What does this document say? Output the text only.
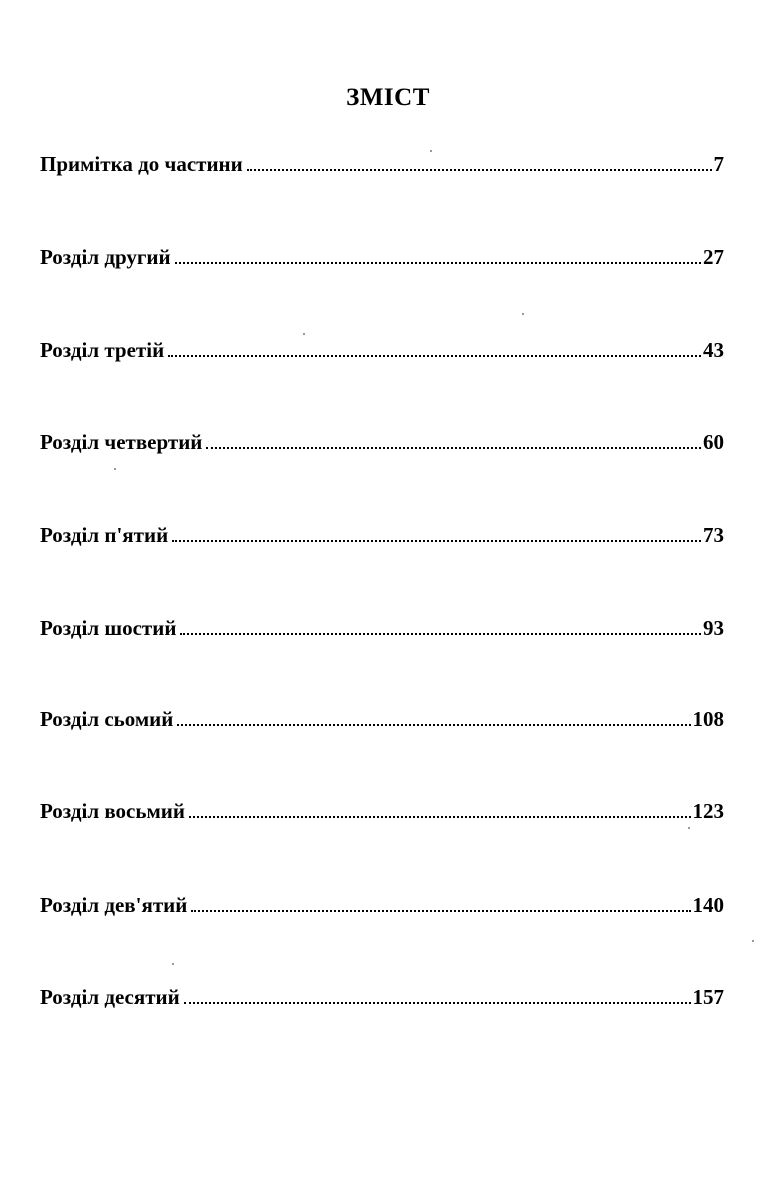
ЗМІСТ
Примітка до частини	7
Розділ другий	27
Розділ третій	43
Розділ четвертий	60
Розділ п'ятий	73
Розділ шостий	93
Розділ сьомий	108
Розділ восьмий	123
Розділ дев'ятий	140
Розділ десятий	157
